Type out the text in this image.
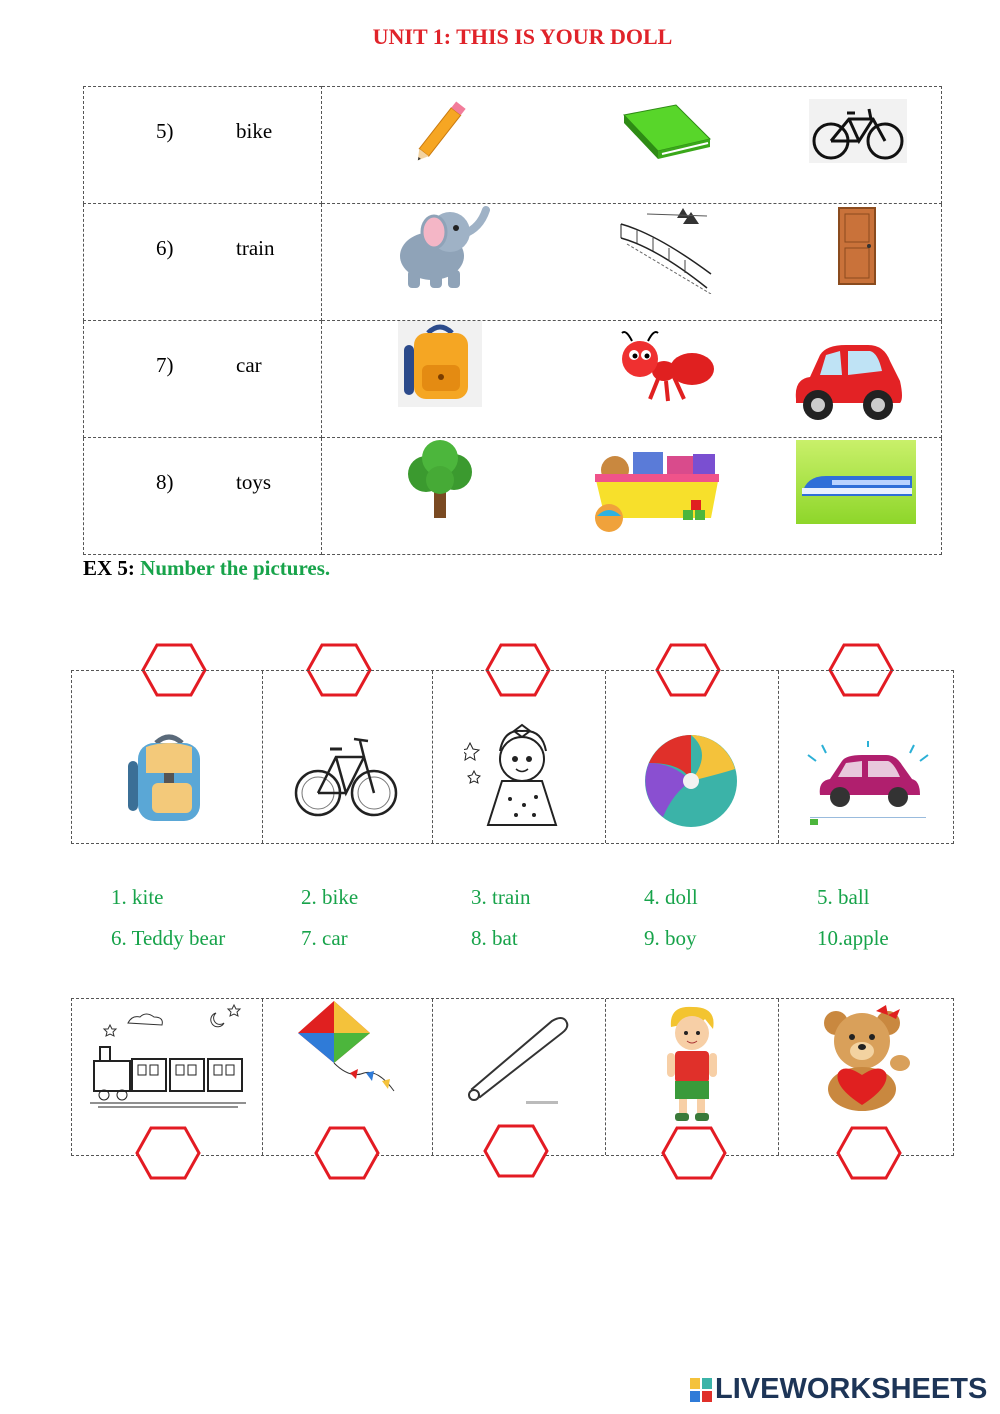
UNIT 1: THIS IS YOUR DOLL
5) bike

6) train

7) car

8) toys

EX 5: Number the pictures.
1. kite	2. bike	3. train	4. doll	5. ball
6. Teddy bear	7. car	8. bat	9. boy	10.apple
LIVEWORKSHEETS
